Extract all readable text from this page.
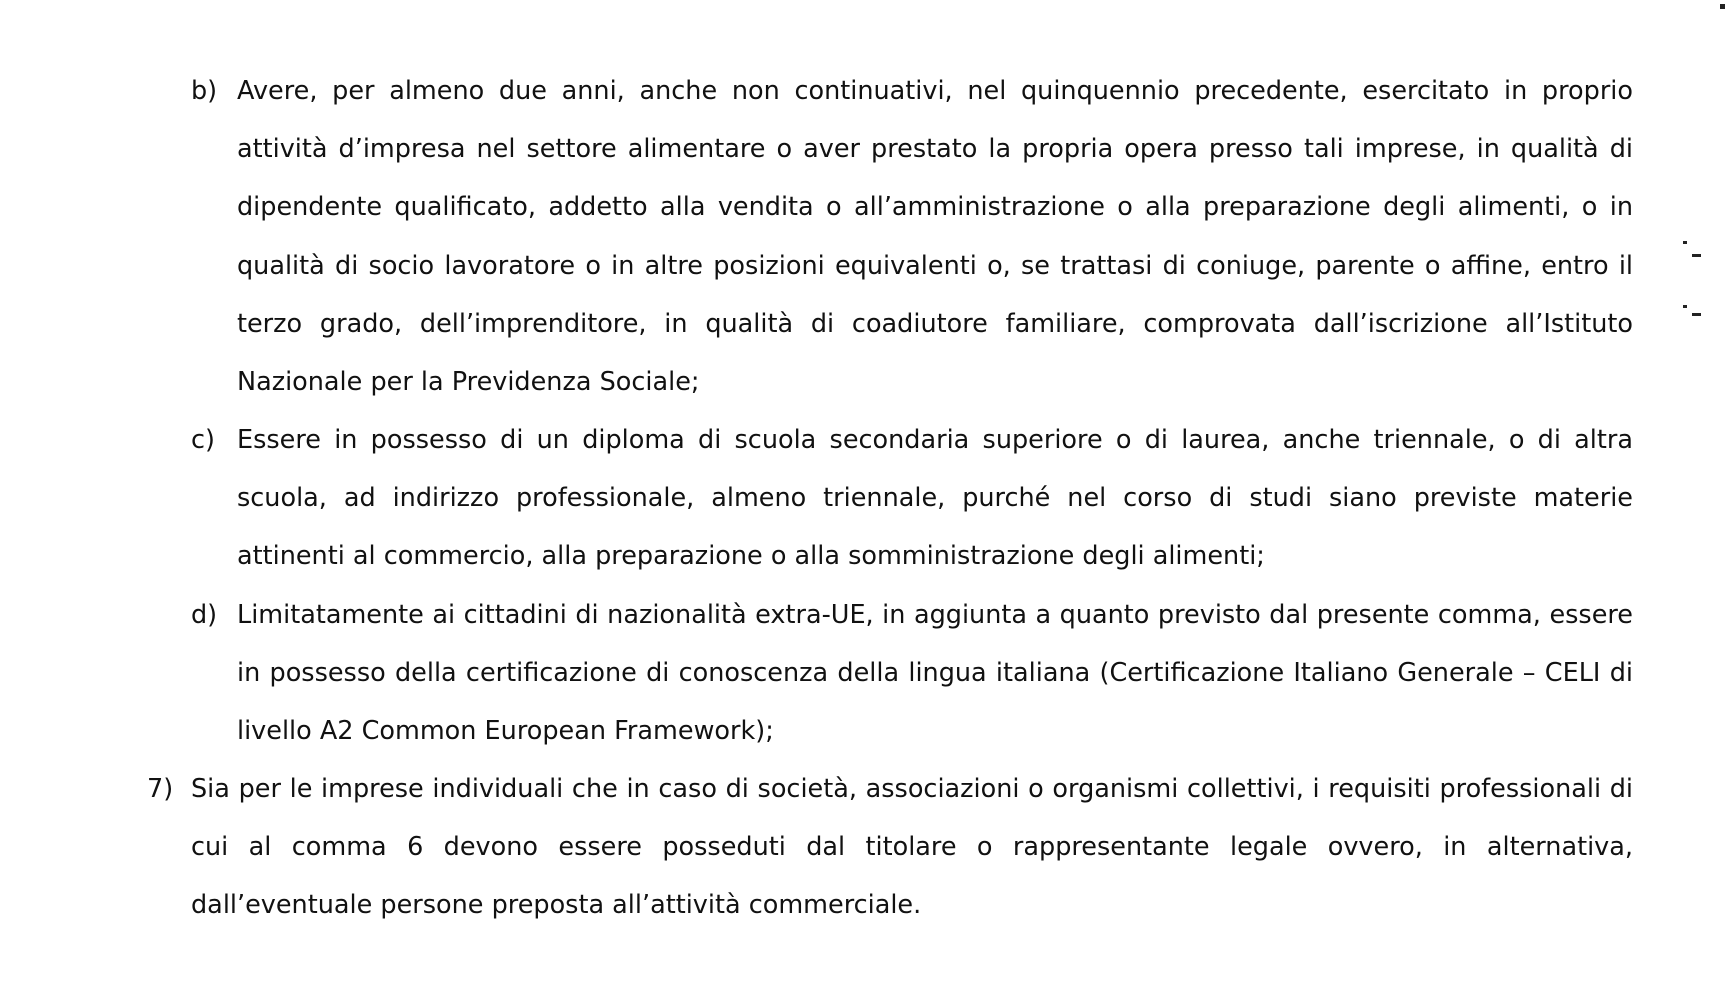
b) Avere, per almeno due anni, anche non continuativi, nel quinquennio precedente, esercitato in proprio attività d’impresa nel settore alimentare o aver prestato la propria opera presso tali imprese, in qualità di dipendente qualificato, addetto alla vendita o all’amministrazione o alla preparazione degli alimenti, o in qualità di socio lavoratore o in altre posizioni equivalenti o, se trattasi di coniuge, parente o affine, entro il terzo grado, dell’imprenditore, in qualità di coadiutore familiare, comprovata dall’iscrizione all’Istituto Nazionale per la Previdenza Sociale;
c) Essere in possesso di un diploma di scuola secondaria superiore o di laurea, anche triennale, o di altra scuola, ad indirizzo professionale, almeno triennale, purché nel corso di studi siano previste materie attinenti al commercio, alla preparazione o alla somministrazione degli alimenti;
d) Limitatamente ai cittadini di nazionalità extra-UE, in aggiunta a quanto previsto dal presente comma, essere in possesso della certificazione di conoscenza della lingua italiana (Certificazione Italiano Generale – CELI di livello A2 Common European Framework);
7) Sia per le imprese individuali che in caso di società, associazioni o organismi collettivi, i requisiti professionali di cui al comma 6 devono essere posseduti dal titolare o rappresentante legale ovvero, in alternativa, dall’eventuale persone preposta all’attività commerciale.
